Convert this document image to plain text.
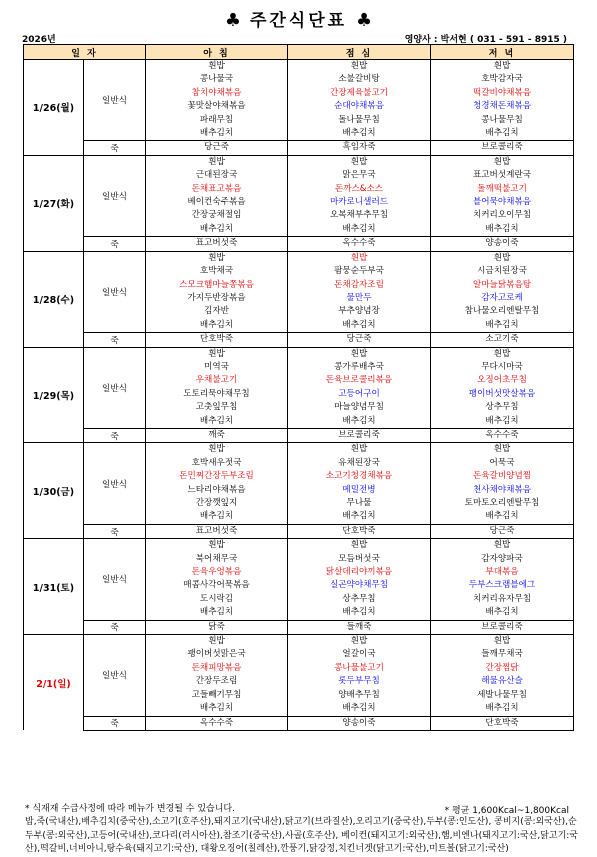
♣ 주간식단표 ♣
2026년	영양사 : 박서현 ( 031 - 591 - 8915 )
일 자		아 침	점 심	저 녁
1/26(월)	일반식	흰밥	흰밥	흰밥
		콩나물국	소불갈비탕	호박감자국
		참치야채볶음	간장제육불고기	떡갈비야채볶음
		꽃맛살야채볶음	순대야채볶음	청경채돈채볶음
		파래무침	돌나물무침	콩나물무침
		배추김치	배추김치	배추김치
	죽	당근죽	흑임자죽	브로콜리죽
1/27(화)	일반식	흰밥	흰밥	흰밥
		근대된장국	맑은무국	표고버섯계란국
		돈채표고볶음	돈까스&소스	돌깨떡불고기
		베이컨숙주볶음	마카로니샐러드	블어묵야채볶음
		간장궁채절임	오복채부추무침	치커리오이무침
		배추김치	배추김치	배추김치
	죽	표고버섯죽	옥수수죽	양송이죽
1/28(수)	일반식	흰밥	흰밥	흰밥
		호박채국	팜뭉순두부국	시금치된장국
		스모크햄마늘쫑볶음	돈채감자조림	알마늘닭볶음탕
		가지두반장볶음	물만두	감자고로케
		김자반	부추양념장	참나물오리엔탈무침
		배추김치	배추김치	배추김치
	죽	단호박죽	당근죽	소고기죽
1/29(목)	일반식	흰밥	흰밥	흰밥
		미역국	콩가루배추국	무다시마국
		우채불고기	돈육브로콜리볶음	오징어초무침
		도토리묵야채무침	고등어구이	팽이버섯맛살볶음
		고춧잎무침	마늘양념무침	상추무침
		배추김치	배추김치	배추김치
	죽	깨죽	브로콜리죽	옥수수죽
1/30(금)	일반식	흰밥	흰밥	흰밥
		호박새우젓국	유채된장국	어묵국
		돈민찌간장두부조림	소고기청경채볶음	돈육갈비양념찜
		느타리야채볶음	메밀전병	천사채야채볶음
		간장깻잎지	무나물	토마토오리엔탈무침
		배추김치	배추김치	배추김치
	죽	표고버섯죽	단호박죽	당근죽
1/31(토)	일반식	흰밥	흰밥	흰밥
		북어채무국	모듬버섯국	감자양파국
		돈육우엉볶음	닭살데리야끼볶음	부대볶음
		매콤사각어묵볶음	실곤약야채무침	두부스크램블에그
		도시락김	상추무침	치커리유자무침
		배추김치	배추김치	배추김치
	죽	닭죽	들깨죽	브로콜리죽
2/1(일)	일반식	흰밥	흰밥	흰밥
		팽이버섯맑은국	얼갈이국	들깨무채국
		돈채피망볶음	콩나물불고기	간장찜닭
		간장두조림	롯두부무침	해물유산슬
		고들빼기무침	양배추무침	세발나물무침
		배추김치	배추김치	배추김치
	죽	옥수수죽	양송이죽	단호박죽
* 식재재 수급사정에 따라 메뉴가 변경될 수 있습니다.	* 평균 1,600Kcal~1,800Kcal
밥,죽(국내산),배추김치(중국산),소고기(호주산),돼지고기(국내산),닭고기(브라질산),오리고기(중국산),두부(콩:인도산), 콩비지(콩:외국산),순두부(콩:외국산),고등어(국내산),코다리(러시아산),참조기(중국산),사골(호주산), 베이컨(돼지고기:외국산),햄,비엔나(돼지고기:국산,닭고기:국산),떡갈비,너비아니,탕수육(돼지고기:국산), 대왕오징어(칠레산),깐풍기,닭강정,치킨너겟(닭고기:국산),미트볼(닭고기:국산)
